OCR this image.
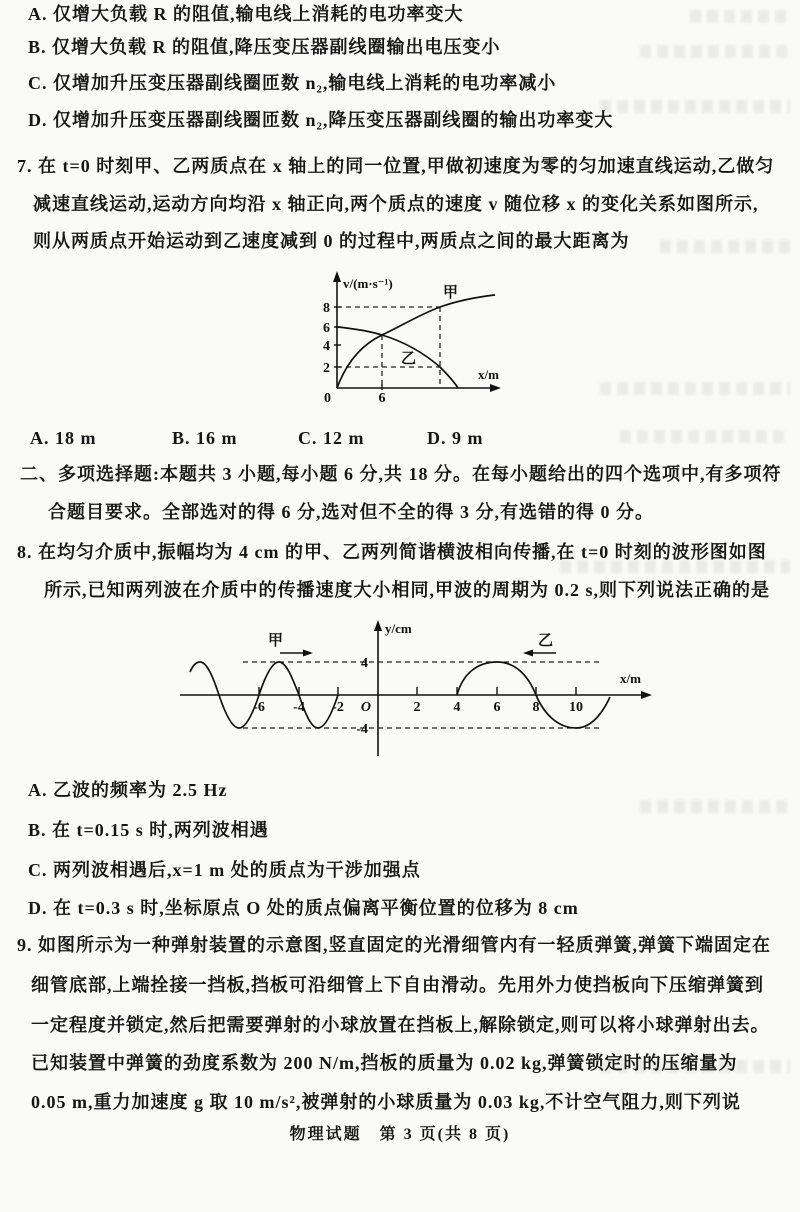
A. 仅增大负载 R 的阻值,输电线上消耗的电功率变大
B. 仅增大负载 R 的阻值,降压变压器副线圈输出电压变小
C. 仅增加升压变压器副线圈匝数 n₂,输电线上消耗的电功率减小
D. 仅增加升压变压器副线圈匝数 n₂,降压变压器副线圈的输出功率变大
7. 在 t=0 时刻甲、乙两质点在 x 轴上的同一位置,甲做初速度为零的匀加速直线运动,乙做匀
减速直线运动,运动方向均沿 x 轴正向,两个质点的速度 v 随位移 x 的变化关系如图所示,
则从两质点开始运动到乙速度减到 0 的过程中,两质点之间的最大距离为
v/(m·s⁻¹)
x/m
8
6
4
2
0	6
甲
乙
A. 18 m	B. 16 m	C. 12 m	D. 9 m
二、多项选择题:本题共 3 小题,每小题 6 分,共 18 分。在每小题给出的四个选项中,有多项符
合题目要求。全部选对的得 6 分,选对但不全的得 3 分,有选错的得 0 分。
8. 在均匀介质中,振幅均为 4 cm 的甲、乙两列简谐横波相向传播,在 t=0 时刻的波形图如图
所示,已知两列波在介质中的传播速度大小相同,甲波的周期为 0.2 s,则下列说法正确的是
甲	乙
y/cm
x/m
4
-4
O
-6 -4 -2	2 4 6 8 10
A. 乙波的频率为 2.5 Hz
B. 在 t=0.15 s 时,两列波相遇
C. 两列波相遇后,x=1 m 处的质点为干涉加强点
D. 在 t=0.3 s 时,坐标原点 O 处的质点偏离平衡位置的位移为 8 cm
9. 如图所示为一种弹射装置的示意图,竖直固定的光滑细管内有一轻质弹簧,弹簧下端固定在
细管底部,上端拴接一挡板,挡板可沿细管上下自由滑动。先用外力使挡板向下压缩弹簧到
一定程度并锁定,然后把需要弹射的小球放置在挡板上,解除锁定,则可以将小球弹射出去。
已知装置中弹簧的劲度系数为 200 N/m,挡板的质量为 0.02 kg,弹簧锁定时的压缩量为
0.05 m,重力加速度 g 取 10 m/s²,被弹射的小球质量为 0.03 kg,不计空气阻力,则下列说
物理试题　第 3 页(共 8 页)
